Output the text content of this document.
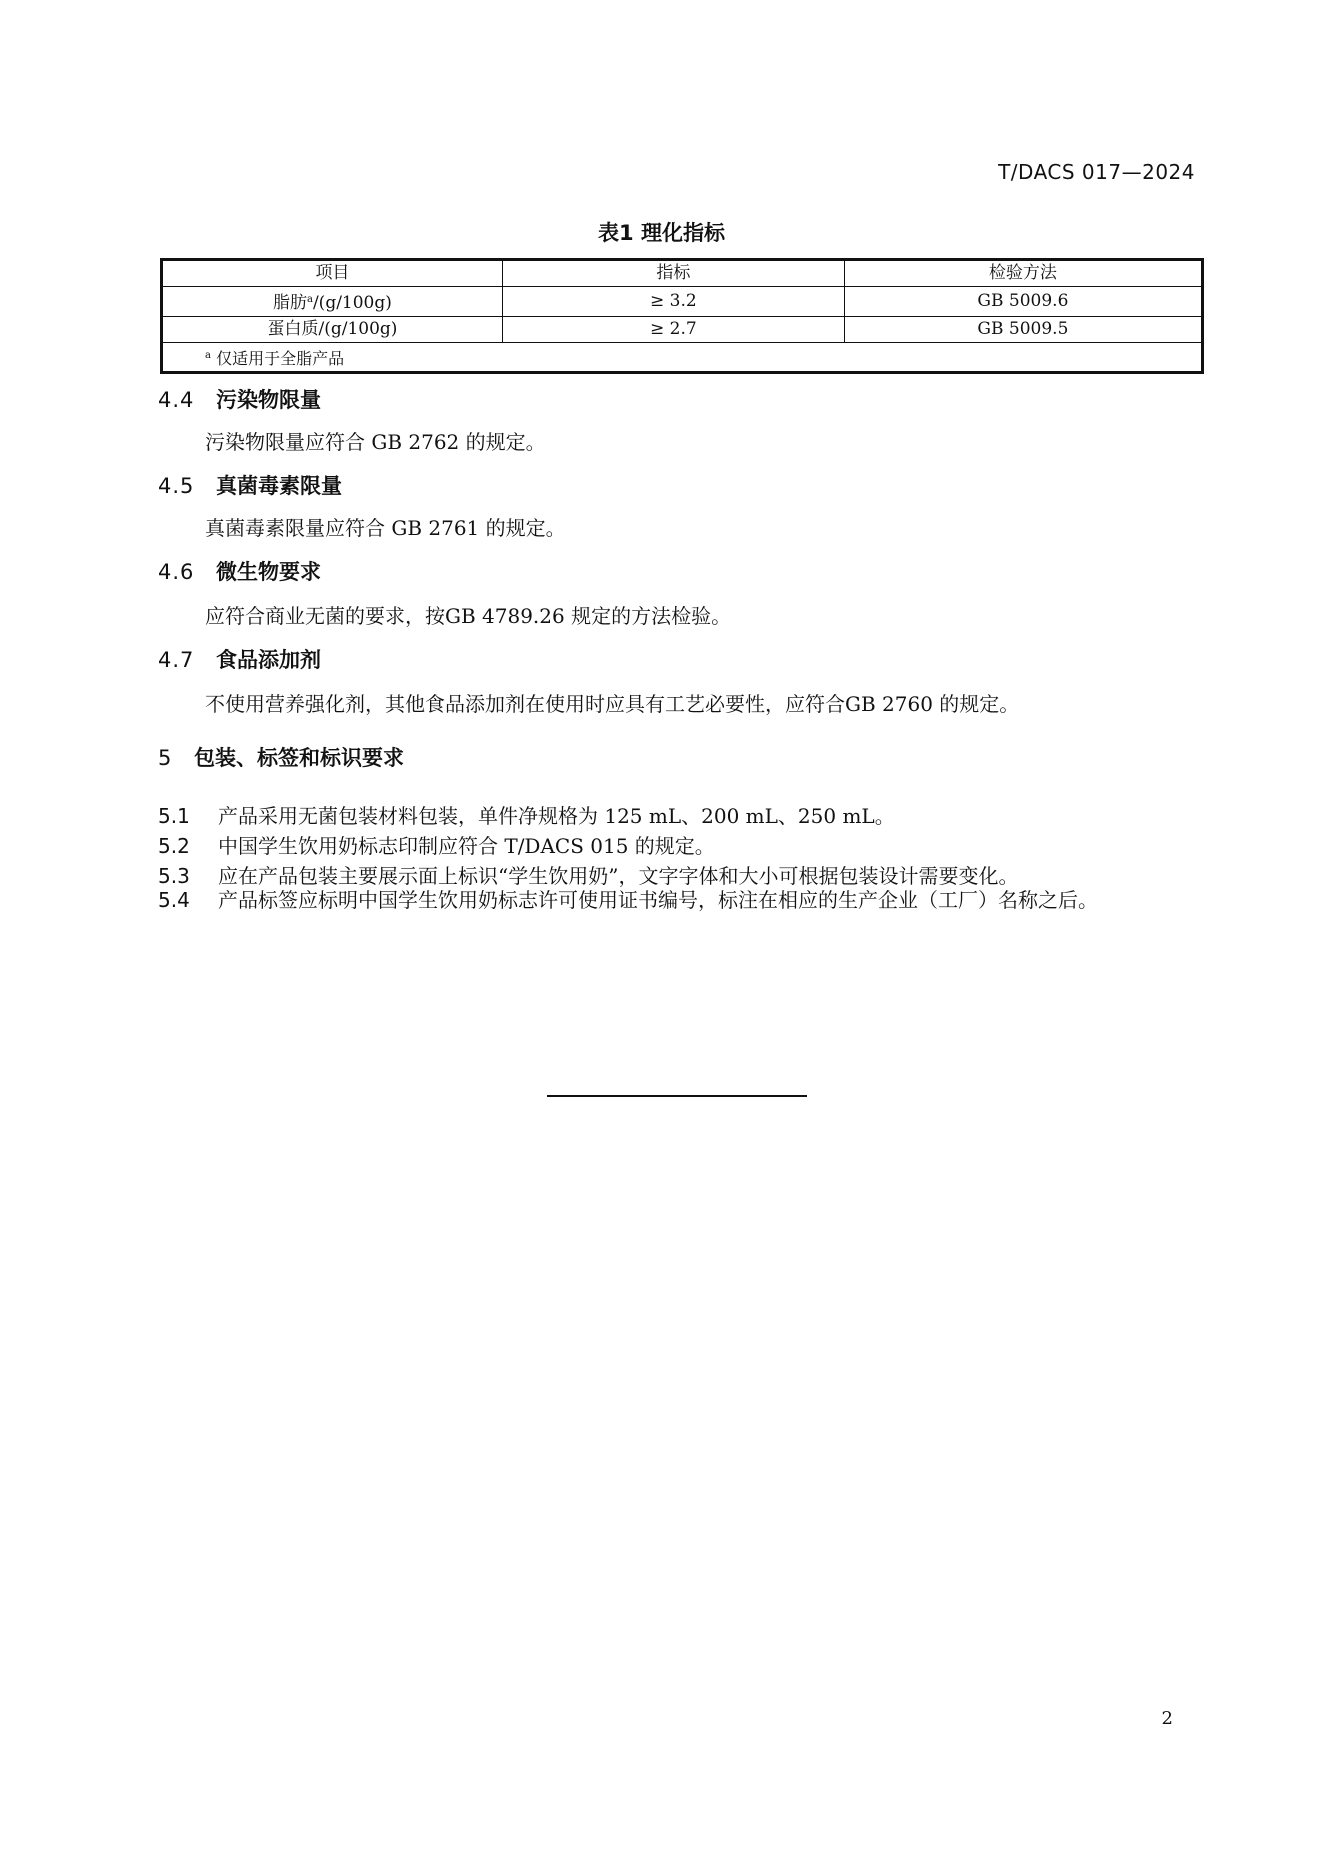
T/DACS 017—2024
表1 理化指标
项目	指标	检验方法
脂肪$^a$/(g/100g)	≥ 3.2	GB 5009.6
蛋白质/(g/100g)	≥ 2.7	GB 5009.5
$^a$ 仅适用于全脂产品		
4.4 污染物限量
污染物限量应符合 GB 2762 的规定。
4.5 真菌毒素限量
真菌毒素限量应符合 GB 2761 的规定。
4.6 微生物要求
应符合商业无菌的要求，按GB 4789.26 规定的方法检验。
4.7 食品添加剂
不使用营养强化剂，其他食品添加剂在使用时应具有工艺必要性，应符合GB 2760 的规定。
5 包装、标签和标识要求
5.1 产品采用无菌包装材料包装，单件净规格为 125 mL、200 mL、250 mL。
5.2 中国学生饮用奶标志印制应符合 T/DACS 015 的规定。
5.3 应在产品包装主要展示面上标识“学生饮用奶”，文字字体和大小可根据包装设计需要变化。
5.4 产品标签应标明中国学生饮用奶标志许可使用证书编号，标注在相应的生产企业（工厂）名称之后。
2
